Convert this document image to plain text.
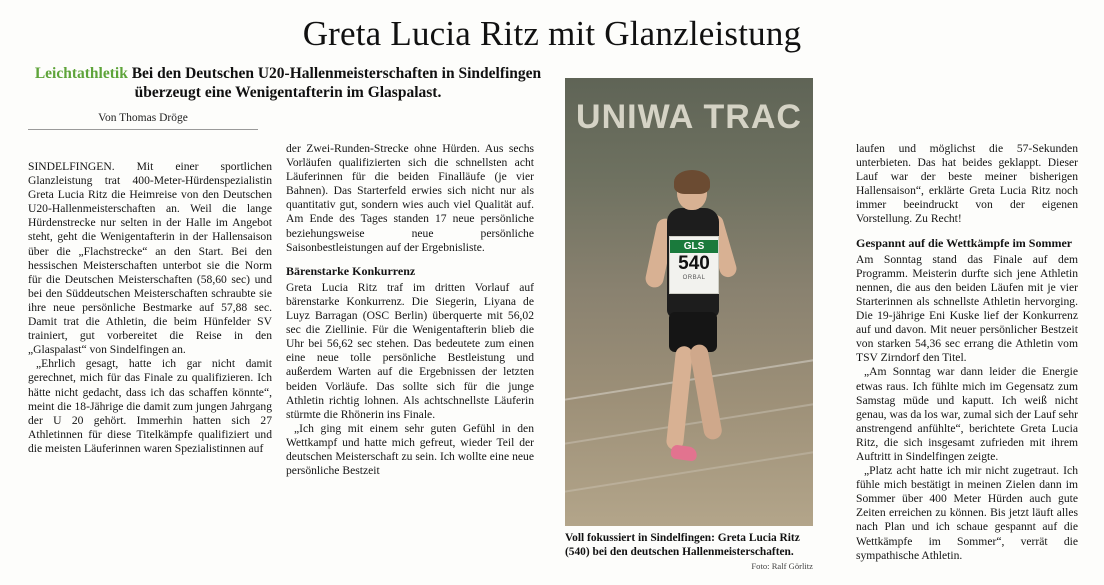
Greta Lucia Ritz mit Glanzleistung
Leichtathletik Bei den Deutschen U20-Hallenmeisterschaften in Sindelfingen überzeugt eine Wenigentafterin im Glaspalast.
Von Thomas Dröge

SINDELFINGEN. Mit einer sportlichen Glanzleistung trat 400-Meter-Hürdenspezialistin Greta Lucia Ritz die Heimreise von den Deutschen U20-Hallenmeisterschaften an. Weil die lange Hürdenstrecke nur selten in der Halle im Angebot steht, geht die Wenigentafterin in der Hallensaison über die „Flachstrecke“ an den Start. Bei den hessischen Meisterschaften unterbot sie die Norm für die Deutschen Meisterschaften (58,60 sec) und bei den Süddeutschen Meisterschaften schraubte sie ihre neue persönliche Bestmarke auf 57,88 sec. Damit trat die Athletin, die beim Hünfelder SV trainiert, gut vorbereitet die Reise in den „Glaspalast“ von Sindelfingen an.

„Ehrlich gesagt, hatte ich gar nicht damit gerechnet, mich für das Finale zu qualifizieren. Ich hätte nicht gedacht, dass ich das schaffen könnte“, meint die 18-Jährige die damit zum jungen Jahrgang der U 20 gehört. Immerhin hatten sich 27 Athletinnen für diese Titelkämpfe qualifiziert und die meisten Läuferinnen waren Spezialistinnen auf

der Zwei-Runden-Strecke ohne Hürden. Aus sechs Vorläufen qualifizierten sich die schnellsten acht Läuferinnen für die beiden Finalläufe (je vier Bahnen). Das Starterfeld erwies sich nicht nur als quantitativ gut, sondern wies auch viel Qualität auf. Am Ende des Tages standen 17 neue persönliche beziehungsweise neue persönliche Saisonbestleistungen auf der Ergebnisliste.

Bärenstarke Konkurrenz

Greta Lucia Ritz traf im dritten Vorlauf auf bärenstarke Konkurrenz. Die Siegerin, Liyana de Luyz Barragan (OSC Berlin) überquerte mit 56,02 sec die Ziellinie. Für die Wenigentafterin blieb die Uhr bei 56,62 sec stehen. Das bedeutete zum einen eine neue tolle persönliche Bestleistung und außerdem Warten auf die Ergebnissen der letzten beiden Vorläufe. Das sollte sich für die junge Athletin richtig lohnen. Als achtschnellste Läuferin stürmte die Rhönerin ins Finale.

„Ich ging mit einem sehr guten Gefühl in den Wettkampf und hatte mich gefreut, wieder Teil der deutschen Meisterschaft zu sein. Ich wollte eine neue persönliche Bestzeit

laufen und möglichst die 57-Sekunden unterbieten. Das hat beides geklappt. Dieser Lauf war der beste meiner bisherigen Hallensaison“, erklärte Greta Lucia Ritz noch immer beeindruckt von der eigenen Vorstellung. Zu Recht!

Gespannt auf die Wettkämpfe im Sommer

Am Sonntag stand das Finale auf dem Programm. Meisterin durfte sich jene Athletin nennen, die aus den beiden Läufen mit je vier Starterinnen als schnellste Athletin hervorging. Die 19-jährige Eni Kuske lief der Konkurrenz auf und davon. Mit neuer persönlicher Bestzeit von starken 54,36 sec errang die Athletin vom TSV Zirndorf den Titel.

„Am Sonntag war dann leider die Energie etwas raus. Ich fühlte mich im Gegensatz zum Samstag müde und kaputt. Ich weiß nicht genau, was da los war, zumal sich der Lauf sehr anstrengend anfühlte“, berichtete Greta Lucia Ritz, die sich insgesamt zufrieden mit ihrem Auftritt in Sindelfingen zeigte.

„Platz acht hatte ich mir nicht zugetraut. Ich fühle mich bestätigt in meinen Zielen dann im Sommer über 400 Meter Hürden auch gute Zeiten erreichen zu können. Bis jetzt läuft alles nach Plan und ich schaue gespannt auf die Wettkämpfe im Sommer“, verrät die sympathische Athletin.

UNIWA TRAC
GLS
540
ORBAL
Voll fokussiert in Sindelfingen: Greta Lucia Ritz (540) bei den deutschen Hallenmeisterschaften.
Foto: Ralf Görlitz
